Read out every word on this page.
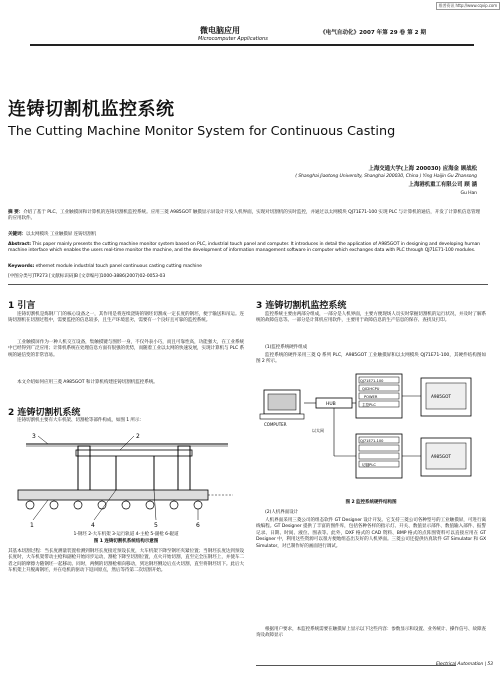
维普资讯 http://www.cqvip.com
微电脑应用
Microcomputer Applications
《电气自动化》2007 年第 29 卷 第 2 期
连铸切割机监控系统
The Cutting Machine Monitor System for Continuous Casting
上海交通大学(上海 200030) 应海金 顾战松
( Shanghai Jiaotong University, Shanghai 200030, China ) Ying Haijin Gu Zhansong
上海港机重工有限公司 顾 涵
Gu Han
摘 要：介绍了基于 PLC、工业触摸屏和计算机的连铸切割机监控系统。应用三菱 A985GOT 触摸显示屏设计开发人机界面，实现对切割机的实时监控，并通过以太网模块 QJ71E71-100 实现 PLC 与计算机的通信，开发了计算机信息管理的应用软件。
关键词：以太网模块 工业触摸屏 连铸切割机
Abstract: This paper mainly presents the cutting machine monitor system based on PLC, industrial touch panel and computer. It introduces in detail the application of A985GOT in designing and developing human machine interface which enables the users real-time monitor the machine, and the development of information management software in computer which exchanges data with PLC through QJ71E71-100 modules.
Keywords: ethernet module industrial touch panel continuous casting cutting machine
[中图分类号]TP273 [文献标识码]B [文章编号]1000-3886(2007)02-0053-03
1 引言
连铸切割机是炼钢厂门的核心设备之一，其作用是将连续浇铸的钢坯切割成一定长度的钢坯，便于输送和吊运。连铸切割机在切割过程中，需要监控的信息较多，且生产环境恶劣，需要有一个良好且可靠的监控系统。
工业触摸屏作为一种人机交互设备，集触摸键与图形一身，不仅外表小巧，而且可靠性高，功能强大，在工业系统中已经得到广泛应用；计算机系统在处理信息方面有很强的优势，而随着工业以太网的快速发展，实现计算机与 PLC 系统的通信变的非常容易。
本文介绍如何应用三菱 A985GOT 和计算机构建连铸切割机监控系统。
2 连铸切割机系统
连铸切割机主要有大车机架、切割枪等部件构成，如图 1 所示：
1
2
3
4	5	6
1-钢坯 2-大车机架 3-运行轨道 4-主枪 5-副枪 6-辊道
图 1 连铸切割机系统结构示意图
其基本切割过程：当长度测量装置检测到钢坯长度接近预设长度，大车机架下降至钢坯夹紧位置；当钢坯长度达到预设长度时，大车机架带动主枪和副枪开始同步运动，割枪下降至切割位置，点火开始切割，直至完全压钢坯上，并使车二者之间的摩擦力随钢坯一起移动。同时，两侧的切割枪相向移动，到达钢坯侧边后点火切割，直至将钢坯切下。此后大车机架上升脱离钢坯，并在电机的驱动下返回原点，然后等待第二次切割开始。
3 连铸切割机监控系统
监控系统主要由两部分组成，一部分是人机界面，主要方便现场人员实时掌握切割机的运行状况，并及时了解系统的故障信息等。一部分是计算机应用软件，主要用于故障信息的生产信息的保存、查找及打印。
(1)监控系统硬件组成
监控系统的硬件采用三菱 Q 系列 PLC，A985GOT 工业触摸屏和以太网模块 QJ71E71-100，其硬件结构图如图 2 所示。
COMPUTER
HUB
QJ71E71-100
Q02HCPU
POWER
主控PLC
A985GOT
QJ71E71-100
切割PLC
A985GOT
以太网
图 2 监控系统硬件结构图
(2)人机界面设计
人机界面采用三菱公司的组态软件 GT Designer 设计开发。它支持三菱公司各种型号的工业触摸屏，可进行离线编程。GT Designer 提供了丰富的图件库，包括各种各样的指示灯、开关、数值显示部件、数值输入部件、报警记录、日期、时间、液位、图表等。此外，DXF 格式的 CAD 资料、BMP 格式的点阵图资料可以直接应用在 GT Designer 中，利用这些资源可以很方便地组态出友好的人机界面。三菱公司还提供仿真软件 GT Simulator 和 GX Simulator，对已制作好的画面进行调试。
根据用户要求，本监控系统需要在触摸屏上显示以下这些内容：参数显示和设置、业务统计、操作信号、故障查询及故障显示
Electrical Automation | 53
